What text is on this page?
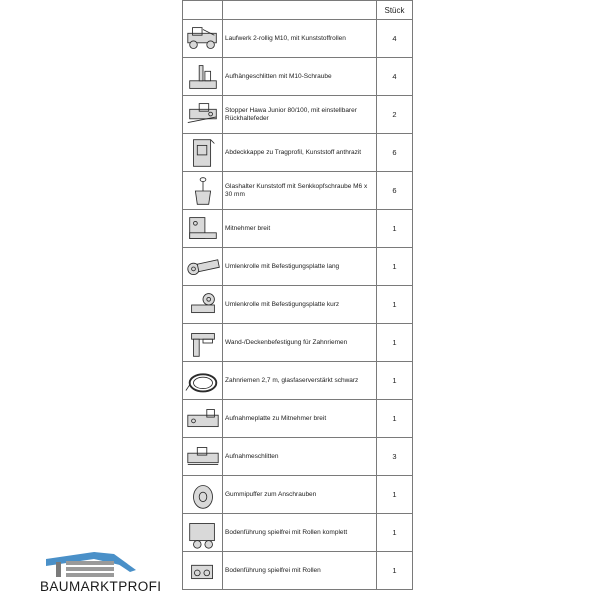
		Stück

	Laufwerk 2-rollig M10, mit Kunststoffrollen	4

	Aufhängeschlitten mit M10-Schraube	4

	Stopper Hawa Junior 80/100, mit einstellbarer Rückhaltefeder	2

	Abdeckkappe zu Tragprofil, Kunststoff anthrazit	6

	Glashalter Kunststoff mit Senkkopfschraube M6 x 30 mm	6

	Mitnehmer breit	1

	Umlenkrolle mit Befestigungsplatte lang	1

	Umlenkrolle mit Befestigungsplatte kurz	1

	Wand-/Deckenbefestigung für Zahnriemen	1

	Zahnriemen 2,7 m, glasfaserverstärkt schwarz	1

	Aufnahmeplatte zu Mitnehmer breit	1

	Aufnahmeschlitten	3

	Gummipuffer zum Anschrauben	1

	Bodenführung spielfrei mit Rollen komplett	1

	Bodenführung spielfrei mit Rollen	1
BAUMARKTPROFI
